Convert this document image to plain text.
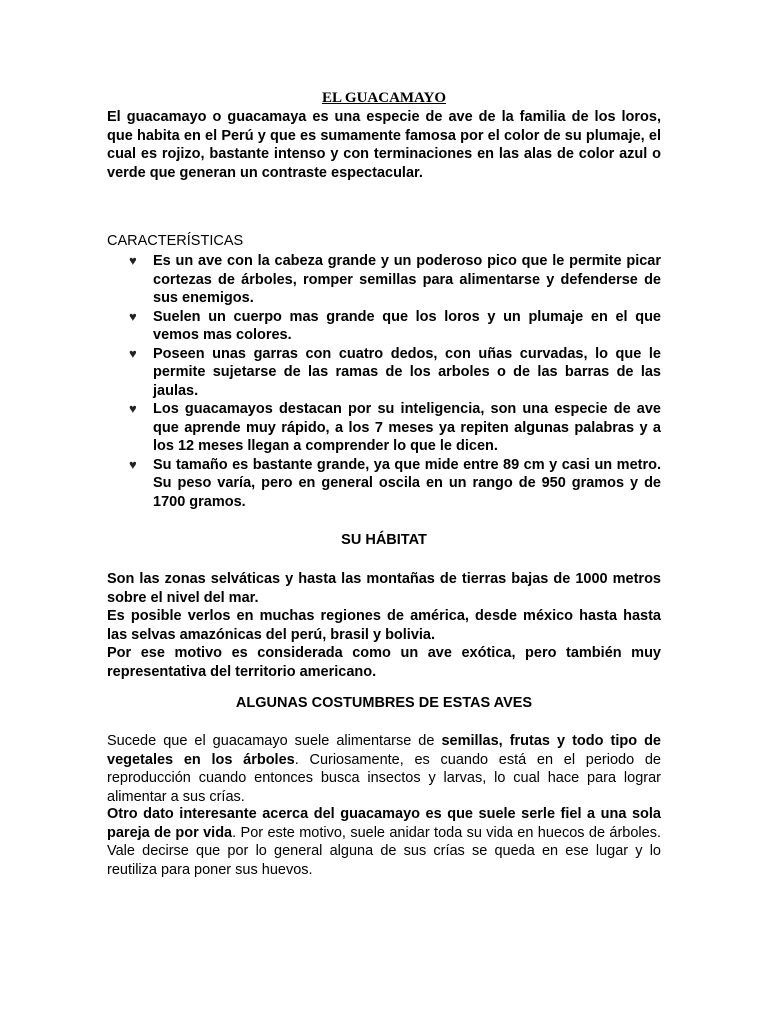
EL GUACAMAYO
El guacamayo o guacamaya es una especie de ave de la familia de los loros, que habita en el Perú y que es sumamente famosa por el color de su plumaje, el cual es rojizo, bastante intenso y con terminaciones en las alas de color azul o verde que generan un contraste espectacular.
CARACTERÍSTICAS
♥ Es un ave con la cabeza grande y un poderoso pico que le permite picar cortezas de árboles, romper semillas para alimentarse y defenderse de sus enemigos.
♥ Suelen un cuerpo mas grande que los loros y un plumaje en el que vemos mas colores.
♥ Poseen unas garras con cuatro dedos, con uñas curvadas, lo que le permite sujetarse de las ramas de los arboles o de las barras de las jaulas.
♥ Los guacamayos destacan por su inteligencia, son una especie de ave que aprende muy rápido, a los 7 meses ya repiten algunas palabras y a los 12 meses llegan a comprender lo que le dicen.
♥ Su tamaño es bastante grande, ya que mide entre 89 cm y casi un metro. Su peso varía, pero en general oscila en un rango de 950 gramos y de 1700 gramos.
SU HÁBITAT
Son las zonas selváticas y hasta las montañas de tierras bajas de 1000 metros sobre el nivel del mar.
Es posible verlos en muchas regiones de américa, desde méxico hasta hasta las selvas amazónicas del perú, brasil y bolivia.
Por ese motivo es considerada como un ave exótica, pero también muy representativa del territorio americano.
ALGUNAS COSTUMBRES DE ESTAS AVES
Sucede que el guacamayo suele alimentarse de semillas, frutas y todo tipo de vegetales en los árboles. Curiosamente, es cuando está en el periodo de reproducción cuando entonces busca insectos y larvas, lo cual hace para lograr alimentar a sus crías.
Otro dato interesante acerca del guacamayo es que suele serle fiel a una sola pareja de por vida. Por este motivo, suele anidar toda su vida en huecos de árboles. Vale decirse que por lo general alguna de sus crías se queda en ese lugar y lo reutiliza para poner sus huevos.
